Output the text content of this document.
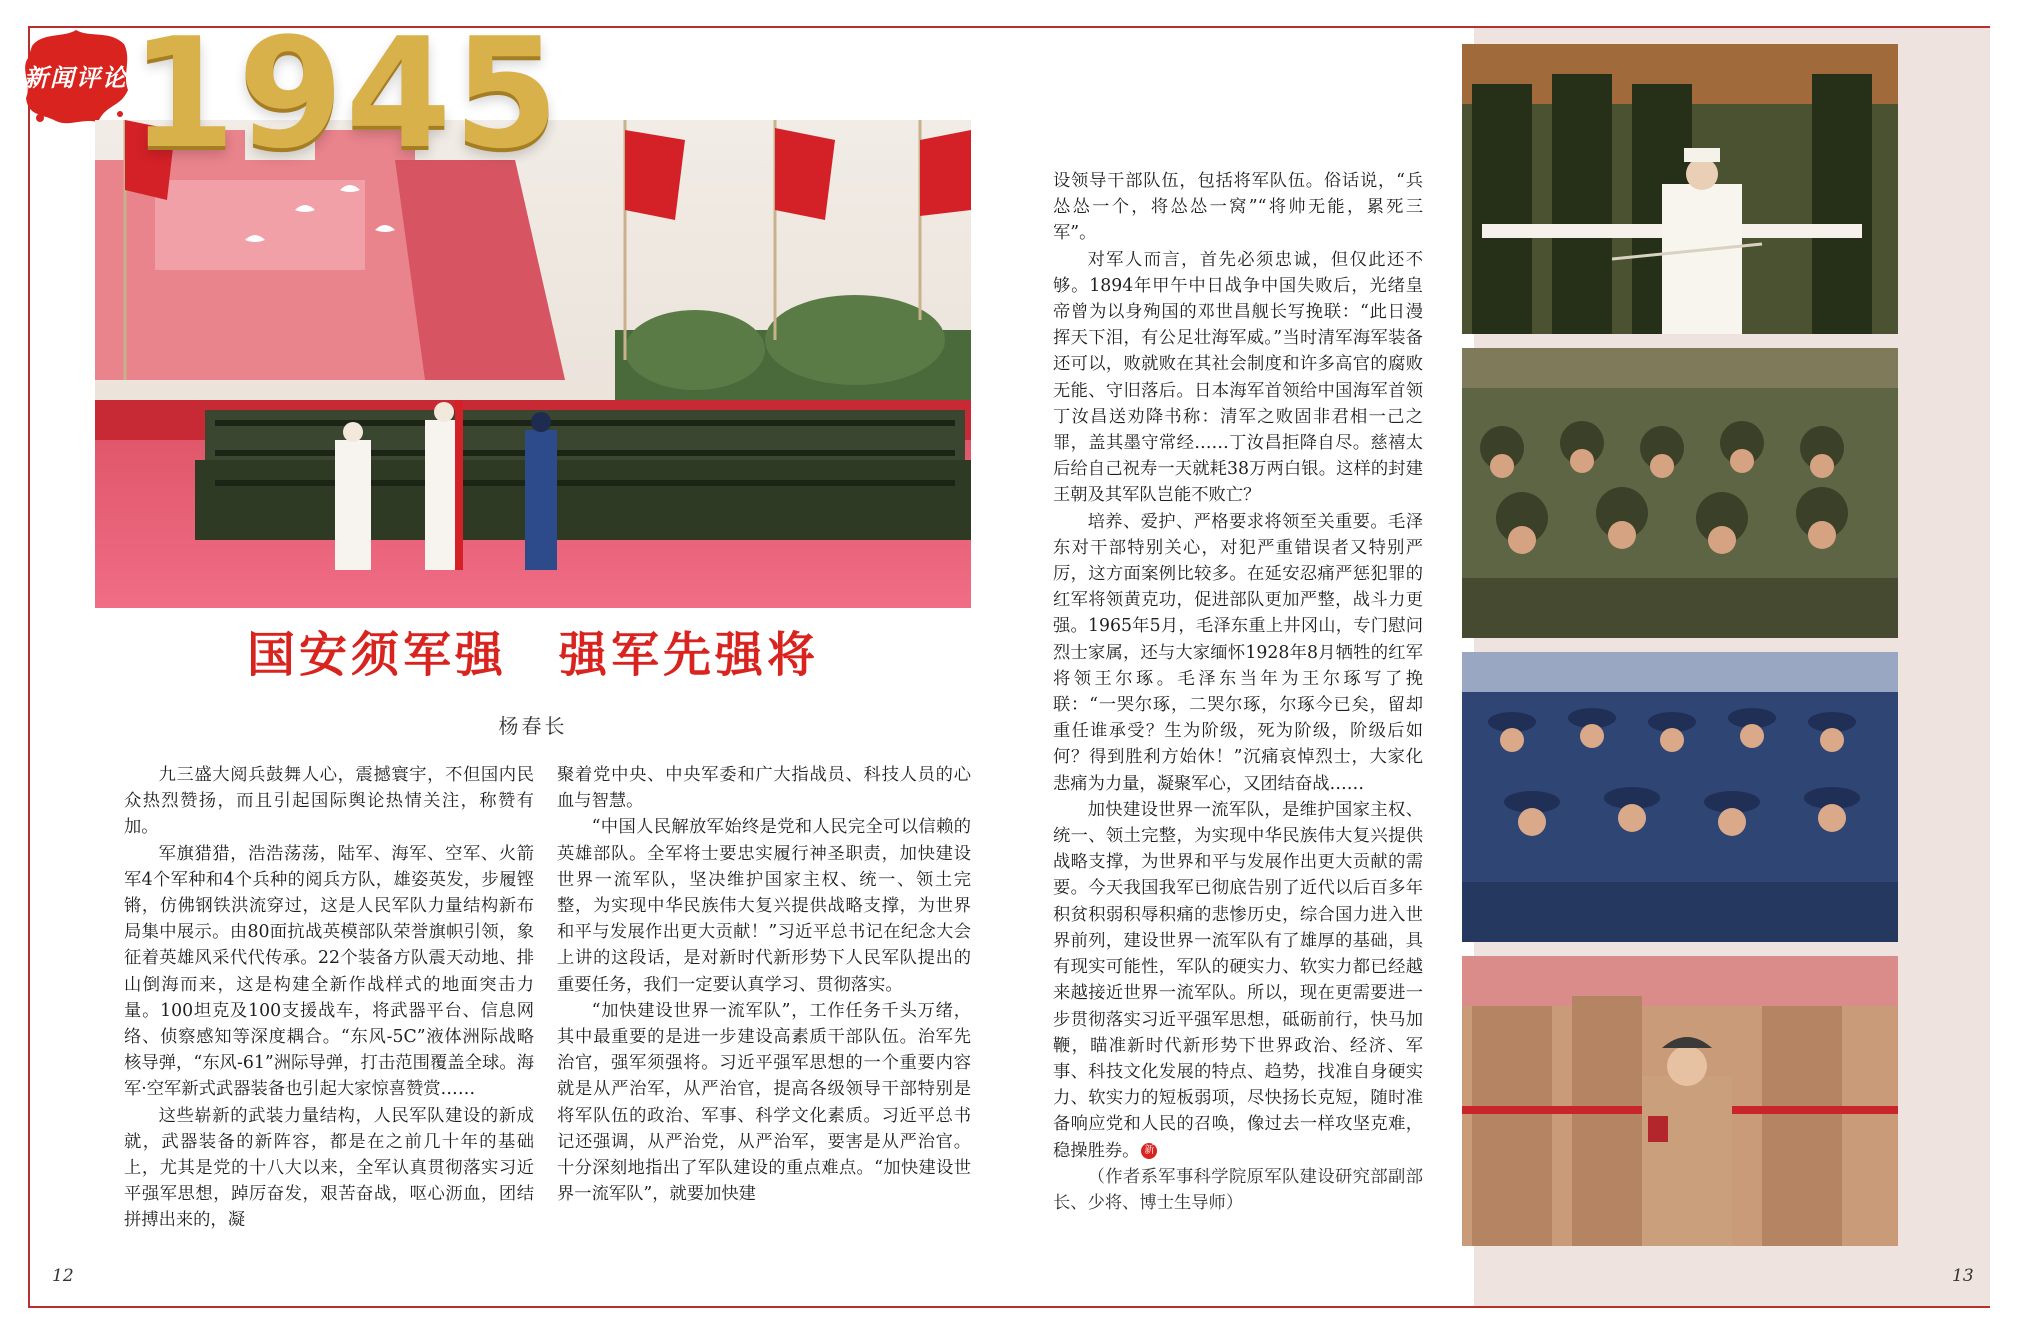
新闻评论 1945
国安须军强　强军先强将
杨春长

九三盛大阅兵鼓舞人心，震撼寰宇，不但国内民众热烈赞扬，而且引起国际舆论热情关注，称赞有加。

军旗猎猎，浩浩荡荡，陆军、海军、空军、火箭军4个军种和4个兵种的阅兵方队，雄姿英发，步履铿锵，仿佛钢铁洪流穿过，这是人民军队力量结构新布局集中展示。由80面抗战英模部队荣誉旗帜引领，象征着英雄风采代代传承。22个装备方队震天动地、排山倒海而来，这是构建全新作战样式的地面突击力量。100坦克及100支援战车，将武器平台、信息网络、侦察感知等深度耦合。“东风-5C”液体洲际战略核导弹，“东风-61”洲际导弹，打击范围覆盖全球。海军·空军新式武器装备也引起大家惊喜赞赏……

这些崭新的武装力量结构，人民军队建设的新成就，武器装备的新阵容，都是在之前几十年的基础上，尤其是党的十八大以来，全军认真贯彻落实习近平强军思想，踔厉奋发，艰苦奋战，呕心沥血，团结拼搏出来的，凝

聚着党中央、中央军委和广大指战员、科技人员的心血与智慧。

“中国人民解放军始终是党和人民完全可以信赖的英雄部队。全军将士要忠实履行神圣职责，加快建设世界一流军队，坚决维护国家主权、统一、领土完整，为实现中华民族伟大复兴提供战略支撑，为世界和平与发展作出更大贡献！”习近平总书记在纪念大会上讲的这段话，是对新时代新形势下人民军队提出的重要任务，我们一定要认真学习、贯彻落实。

“加快建设世界一流军队”，工作任务千头万绪，其中最重要的是进一步建设高素质干部队伍。治军先治官，强军须强将。习近平强军思想的一个重要内容就是从严治军，从严治官，提高各级领导干部特别是将军队伍的政治、军事、科学文化素质。习近平总书记还强调，从严治党，从严治军，要害是从严治官。十分深刻地指出了军队建设的重点难点。“加快建设世界一流军队”，就要加快建

设领导干部队伍，包括将军队伍。俗话说，“兵怂怂一个，将怂怂一窝”“将帅无能，累死三军”。

对军人而言，首先必须忠诚，但仅此还不够。1894年甲午中日战争中国失败后，光绪皇帝曾为以身殉国的邓世昌舰长写挽联：“此日漫挥天下泪，有公足壮海军威。”当时清军海军装备还可以，败就败在其社会制度和许多高官的腐败无能、守旧落后。日本海军首领给中国海军首领丁汝昌送劝降书称：清军之败固非君相一己之罪，盖其墨守常经……丁汝昌拒降自尽。慈禧太后给自己祝寿一天就耗38万两白银。这样的封建王朝及其军队岂能不败亡？

培养、爱护、严格要求将领至关重要。毛泽东对干部特别关心，对犯严重错误者又特别严厉，这方面案例比较多。在延安忍痛严惩犯罪的红军将领黄克功，促进部队更加严整，战斗力更强。1965年5月，毛泽东重上井冈山，专门慰问烈士家属，还与大家缅怀1928年8月牺牲的红军将领王尔琢。毛泽东当年为王尔琢写了挽联：“一哭尔琢，二哭尔琢，尔琢今已矣，留却重任谁承受？生为阶级，死为阶级，阶级后如何？得到胜利方始休！”沉痛哀悼烈士，大家化悲痛为力量，凝聚军心，又团结奋战……

加快建设世界一流军队，是维护国家主权、统一、领土完整，为实现中华民族伟大复兴提供战略支撑，为世界和平与发展作出更大贡献的需要。今天我国我军已彻底告别了近代以后百多年积贫积弱积辱积痛的悲惨历史，综合国力进入世界前列，建设世界一流军队有了雄厚的基础，具有现实可能性，军队的硬实力、软实力都已经越来越接近世界一流军队。所以，现在更需要进一步贯彻落实习近平强军思想，砥砺前行，快马加鞭，瞄准新时代新形势下世界政治、经济、军事、科技文化发展的特点、趋势，找准自身硬实力、软实力的短板弱项，尽快扬长克短，随时准备响应党和人民的召唤，像过去一样攻坚克难，稳操胜券。 新

（作者系军事科学院原军队建设研究部副部长、少将、博士生导师）

12	13
